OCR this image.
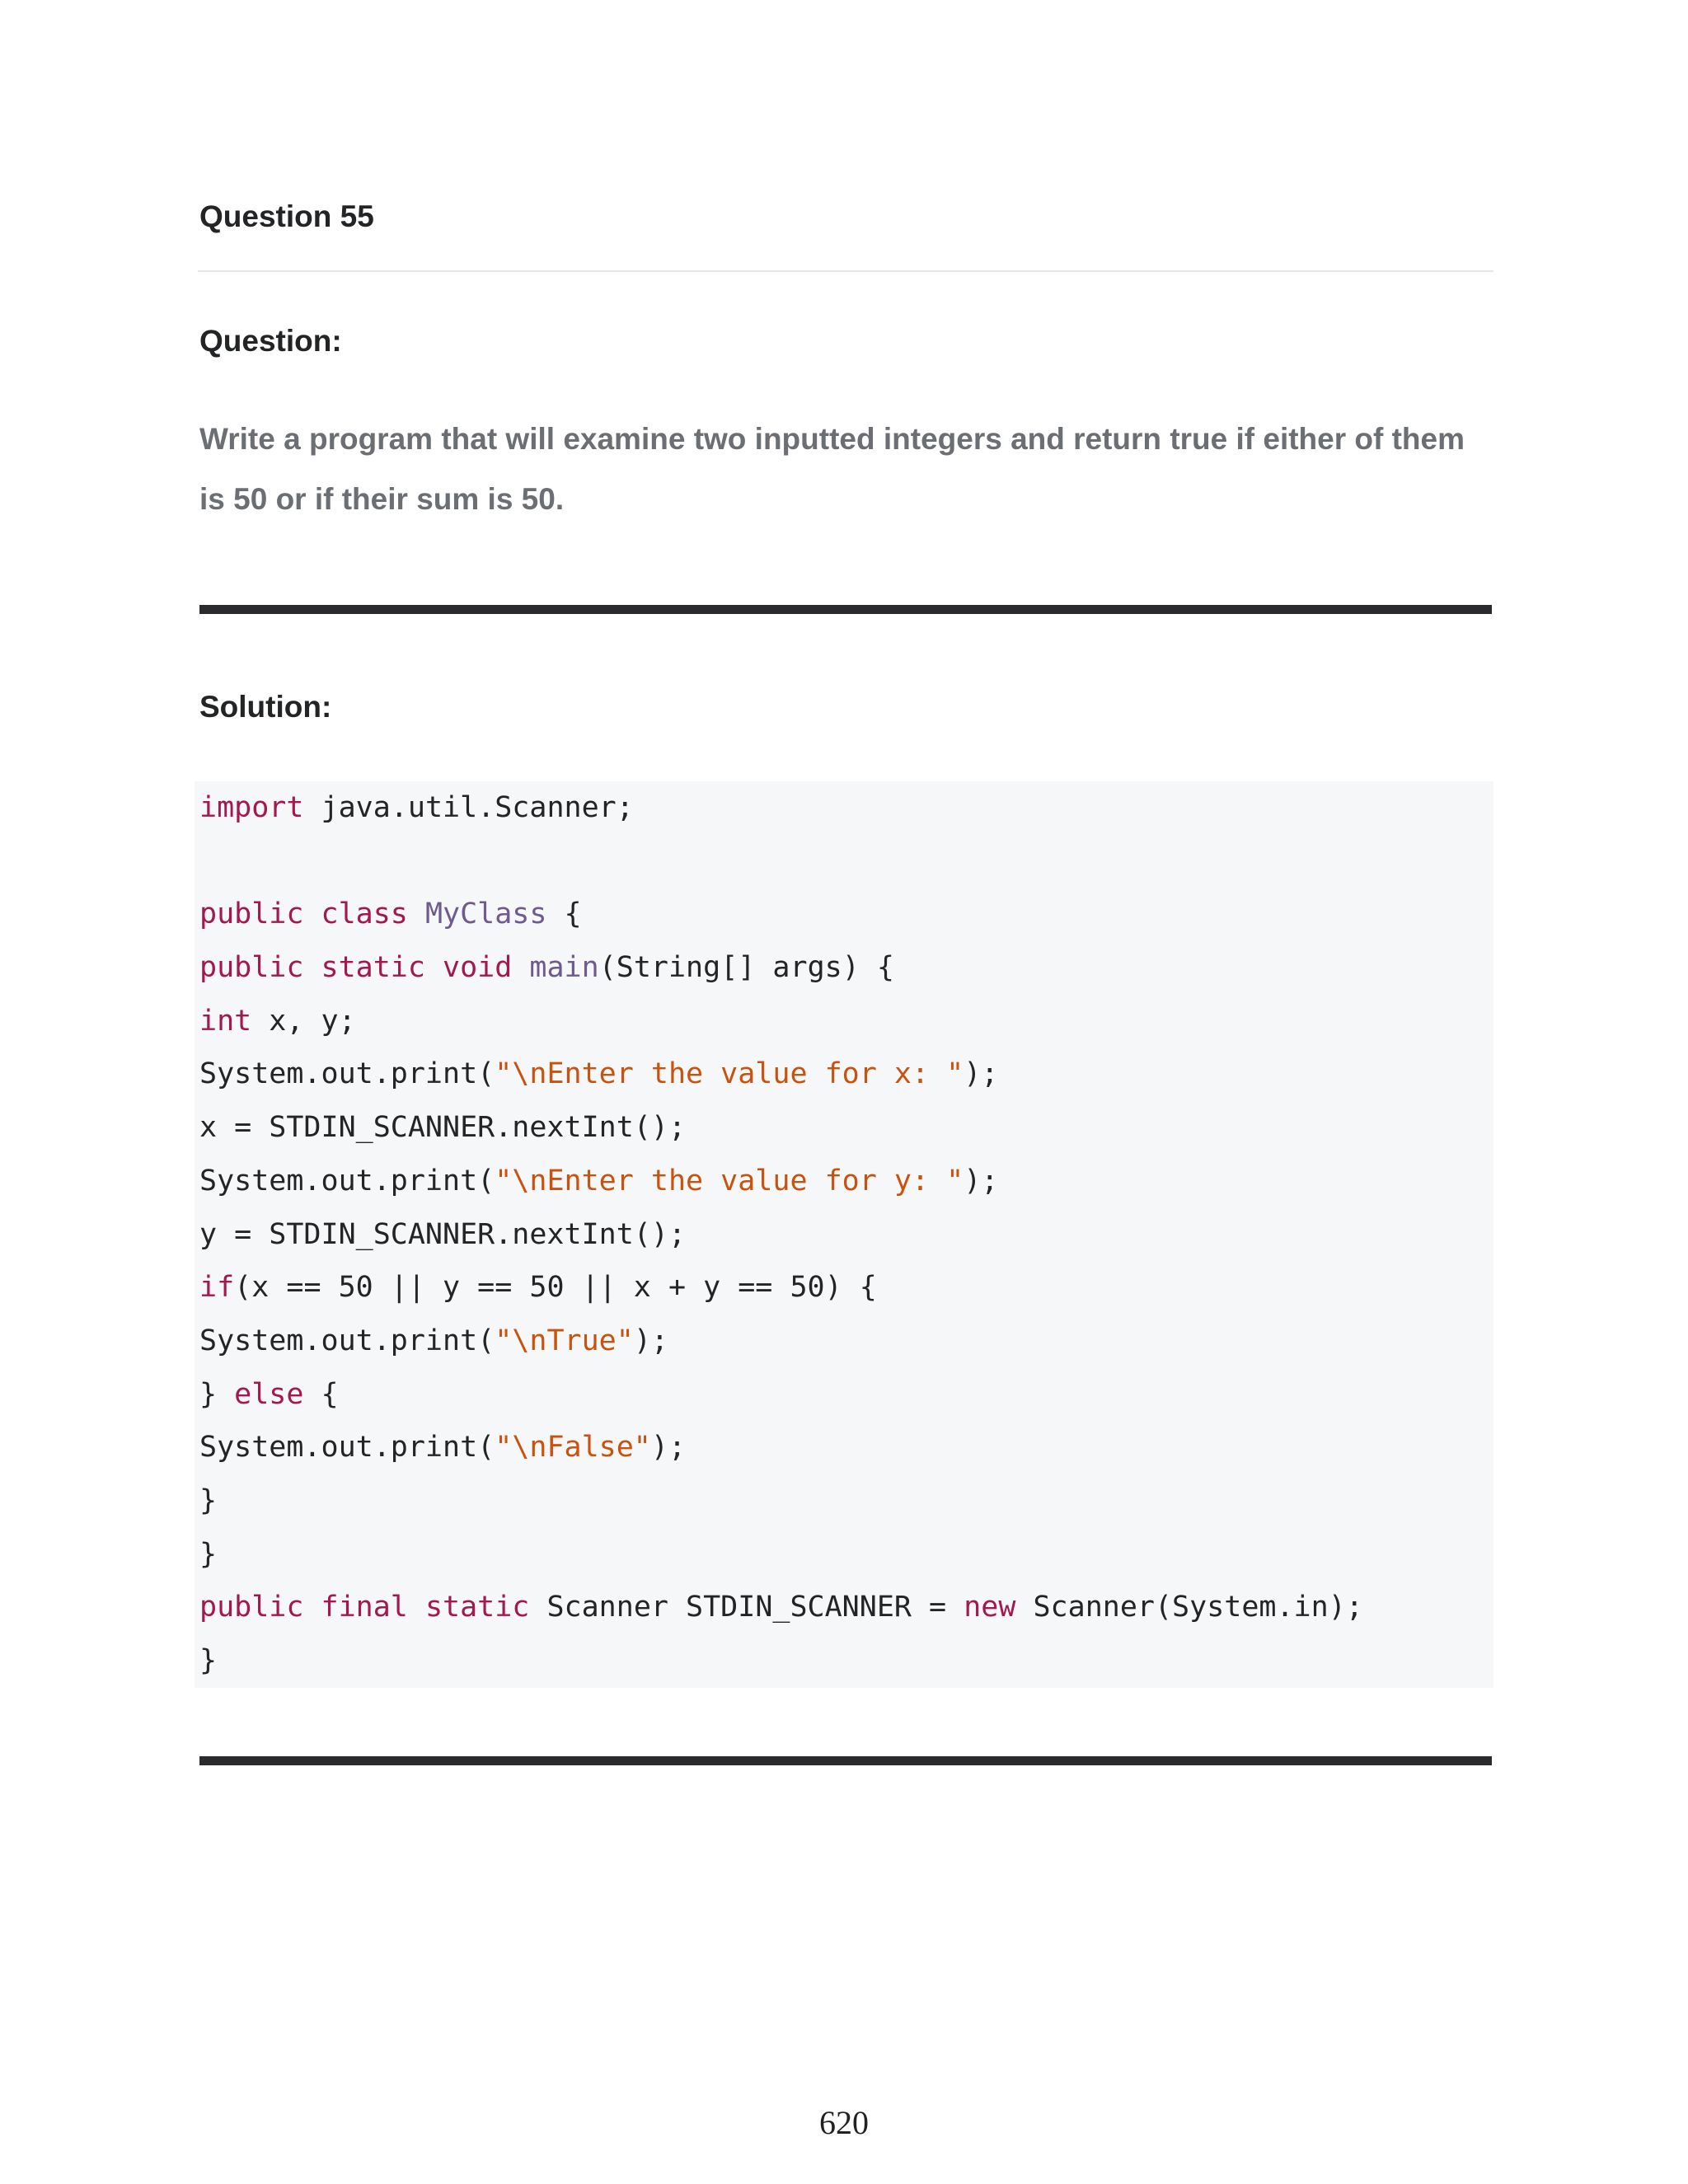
Question 55
Question:
Write a program that will examine two inputted integers and return true if either of them is 50 or if their sum is 50.
Solution:
import java.util.Scanner;

public class MyClass {
public static void main(String[] args) {
int x, y;
System.out.print("\nEnter the value for x: ");
x = STDIN_SCANNER.nextInt();
System.out.print("\nEnter the value for y: ");
y = STDIN_SCANNER.nextInt();
if(x == 50 || y == 50 || x + y == 50) {
System.out.print("\nTrue");
} else {
System.out.print("\nFalse");
}
}
public final static Scanner STDIN_SCANNER = new Scanner(System.in);
}
620
